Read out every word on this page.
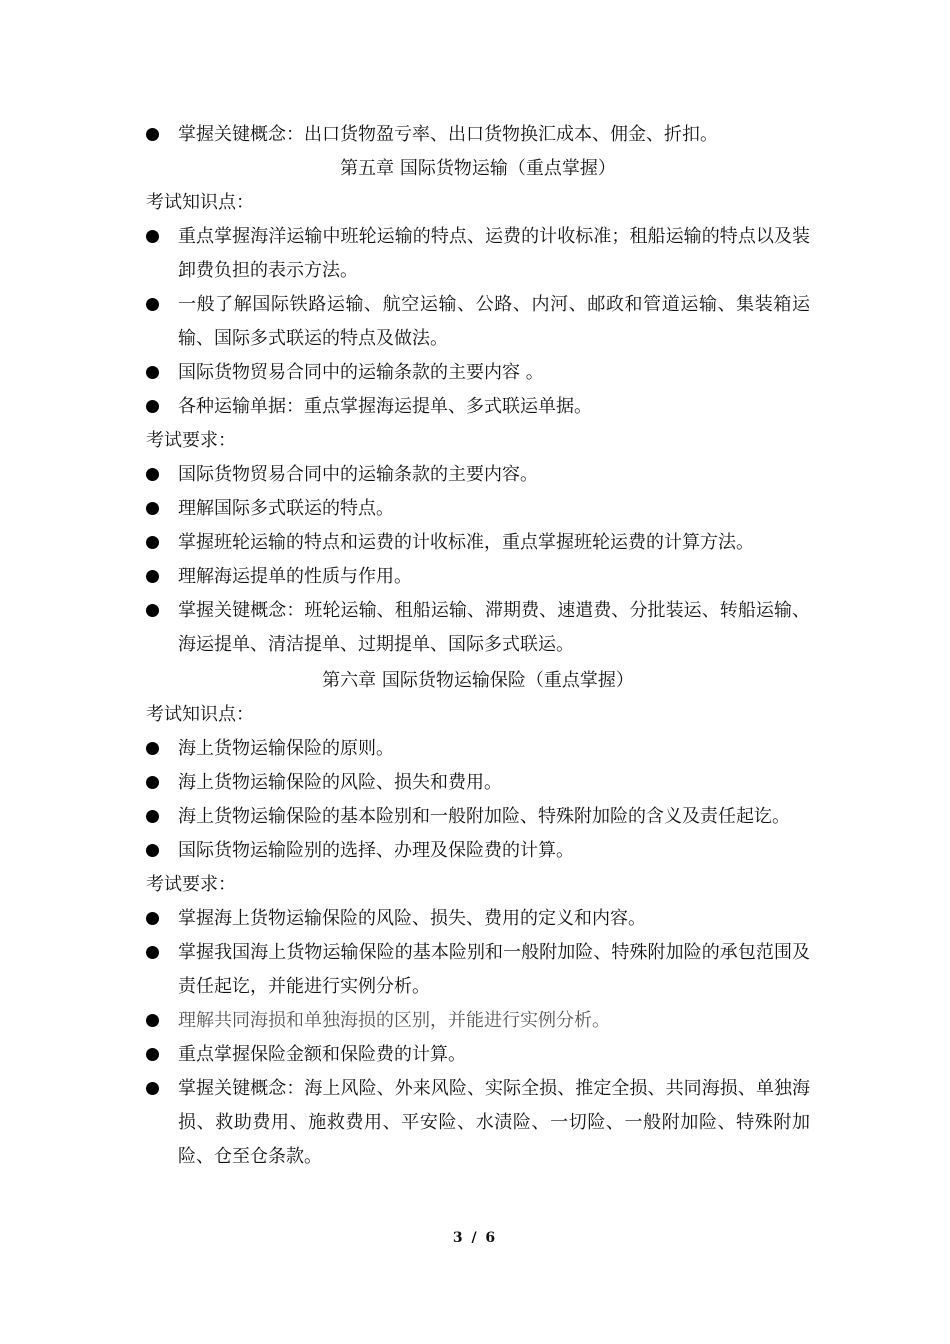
掌握关键概念：出口货物盈亏率、出口货物换汇成本、佣金、折扣。
第五章 国际货物运输（重点掌握）
考试知识点：
重点掌握海洋运输中班轮运输的特点、运费的计收标准；租船运输的特点以及装卸费负担的表示方法。
一般了解国际铁路运输、航空运输、公路、内河、邮政和管道运输、集装箱运输、国际多式联运的特点及做法。
国际货物贸易合同中的运输条款的主要内容 。
各种运输单据：重点掌握海运提单、多式联运单据。
考试要求：
国际货物贸易合同中的运输条款的主要内容。
理解国际多式联运的特点。
掌握班轮运输的特点和运费的计收标准，重点掌握班轮运费的计算方法。
理解海运提单的性质与作用。
掌握关键概念：班轮运输、租船运输、滞期费、速遣费、分批装运、转船运输、海运提单、清洁提单、过期提单、国际多式联运。
第六章 国际货物运输保险（重点掌握）
考试知识点：
海上货物运输保险的原则。
海上货物运输保险的风险、损失和费用。
海上货物运输保险的基本险别和一般附加险、特殊附加险的含义及责任起讫。
国际货物运输险别的选择、办理及保险费的计算。
考试要求：
掌握海上货物运输保险的风险、损失、费用的定义和内容。
掌握我国海上货物运输保险的基本险别和一般附加险、特殊附加险的承包范围及责任起讫，并能进行实例分析。
理解共同海损和单独海损的区别，并能进行实例分析。
重点掌握保险金额和保险费的计算。
掌握关键概念：海上风险、外来风险、实际全损、推定全损、共同海损、单独海损、救助费用、施救费用、平安险、水渍险、一切险、一般附加险、特殊附加险、仓至仓条款。
3 / 6
